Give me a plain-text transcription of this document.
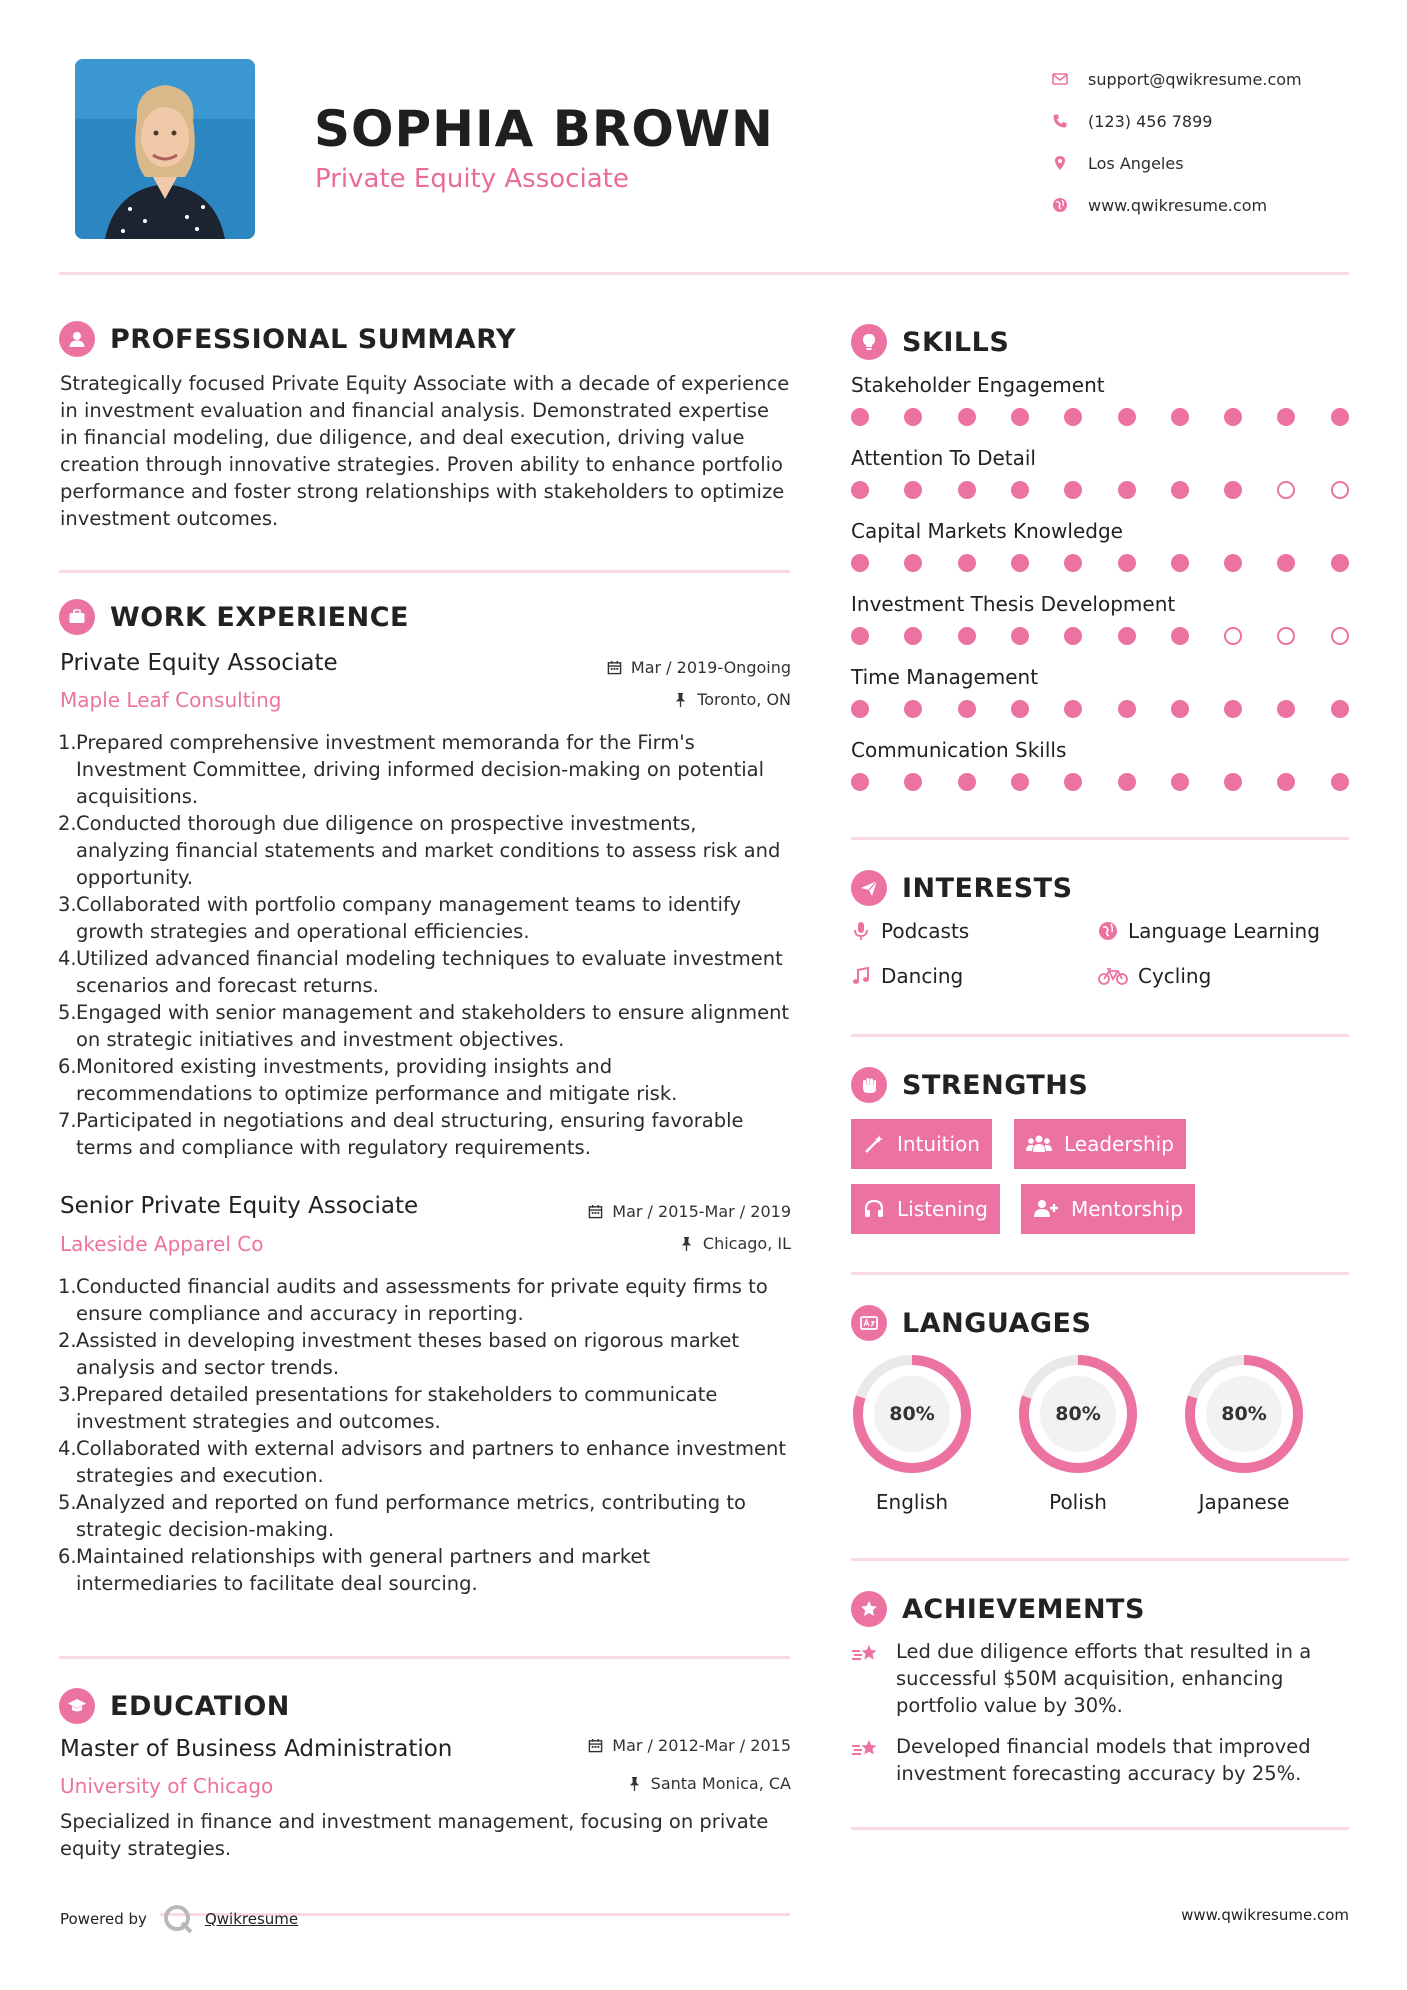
SOPHIA BROWN
Private Equity Associate
support@qwikresume.com
(123) 456 7899
Los Angeles
www.qwikresume.com
PROFESSIONAL SUMMARY
Strategically focused Private Equity Associate with a decade of experience in investment evaluation and financial analysis. Demonstrated expertise in financial modeling, due diligence, and deal execution, driving value creation through innovative strategies. Proven ability to enhance portfolio performance and foster strong relationships with stakeholders to optimize investment outcomes.
WORK EXPERIENCE
Private Equity Associate	Mar / 2019-Ongoing
Maple Leaf Consulting	Toronto, ON
1. Prepared comprehensive investment memoranda for the Firm's Investment Committee, driving informed decision-making on potential acquisitions.
2. Conducted thorough due diligence on prospective investments, analyzing financial statements and market conditions to assess risk and opportunity.
3. Collaborated with portfolio company management teams to identify growth strategies and operational efficiencies.
4. Utilized advanced financial modeling techniques to evaluate investment scenarios and forecast returns.
5. Engaged with senior management and stakeholders to ensure alignment on strategic initiatives and investment objectives.
6. Monitored existing investments, providing insights and recommendations to optimize performance and mitigate risk.
7. Participated in negotiations and deal structuring, ensuring favorable terms and compliance with regulatory requirements.
Senior Private Equity Associate	Mar / 2015-Mar / 2019
Lakeside Apparel Co	Chicago, IL
1. Conducted financial audits and assessments for private equity firms to ensure compliance and accuracy in reporting.
2. Assisted in developing investment theses based on rigorous market analysis and sector trends.
3. Prepared detailed presentations for stakeholders to communicate investment strategies and outcomes.
4. Collaborated with external advisors and partners to enhance investment strategies and execution.
5. Analyzed and reported on fund performance metrics, contributing to strategic decision-making.
6. Maintained relationships with general partners and market intermediaries to facilitate deal sourcing.
EDUCATION
Master of Business Administration	Mar / 2012-Mar / 2015
University of Chicago	Santa Monica, CA
Specialized in finance and investment management, focusing on private equity strategies.
SKILLS
Stakeholder Engagement
Attention To Detail
Capital Markets Knowledge
Investment Thesis Development
Time Management
Communication Skills
INTERESTS
Podcasts	Language Learning
Dancing	Cycling
STRENGTHS
Intuition	Leadership
Listening	Mentorship
LANGUAGES
80%
English
80%
Polish
80%
Japanese
ACHIEVEMENTS
Led due diligence efforts that resulted in a successful $50M acquisition, enhancing portfolio value by 30%.
Developed financial models that improved investment forecasting accuracy by 25%.
Powered by	Qwikresume	www.qwikresume.com
